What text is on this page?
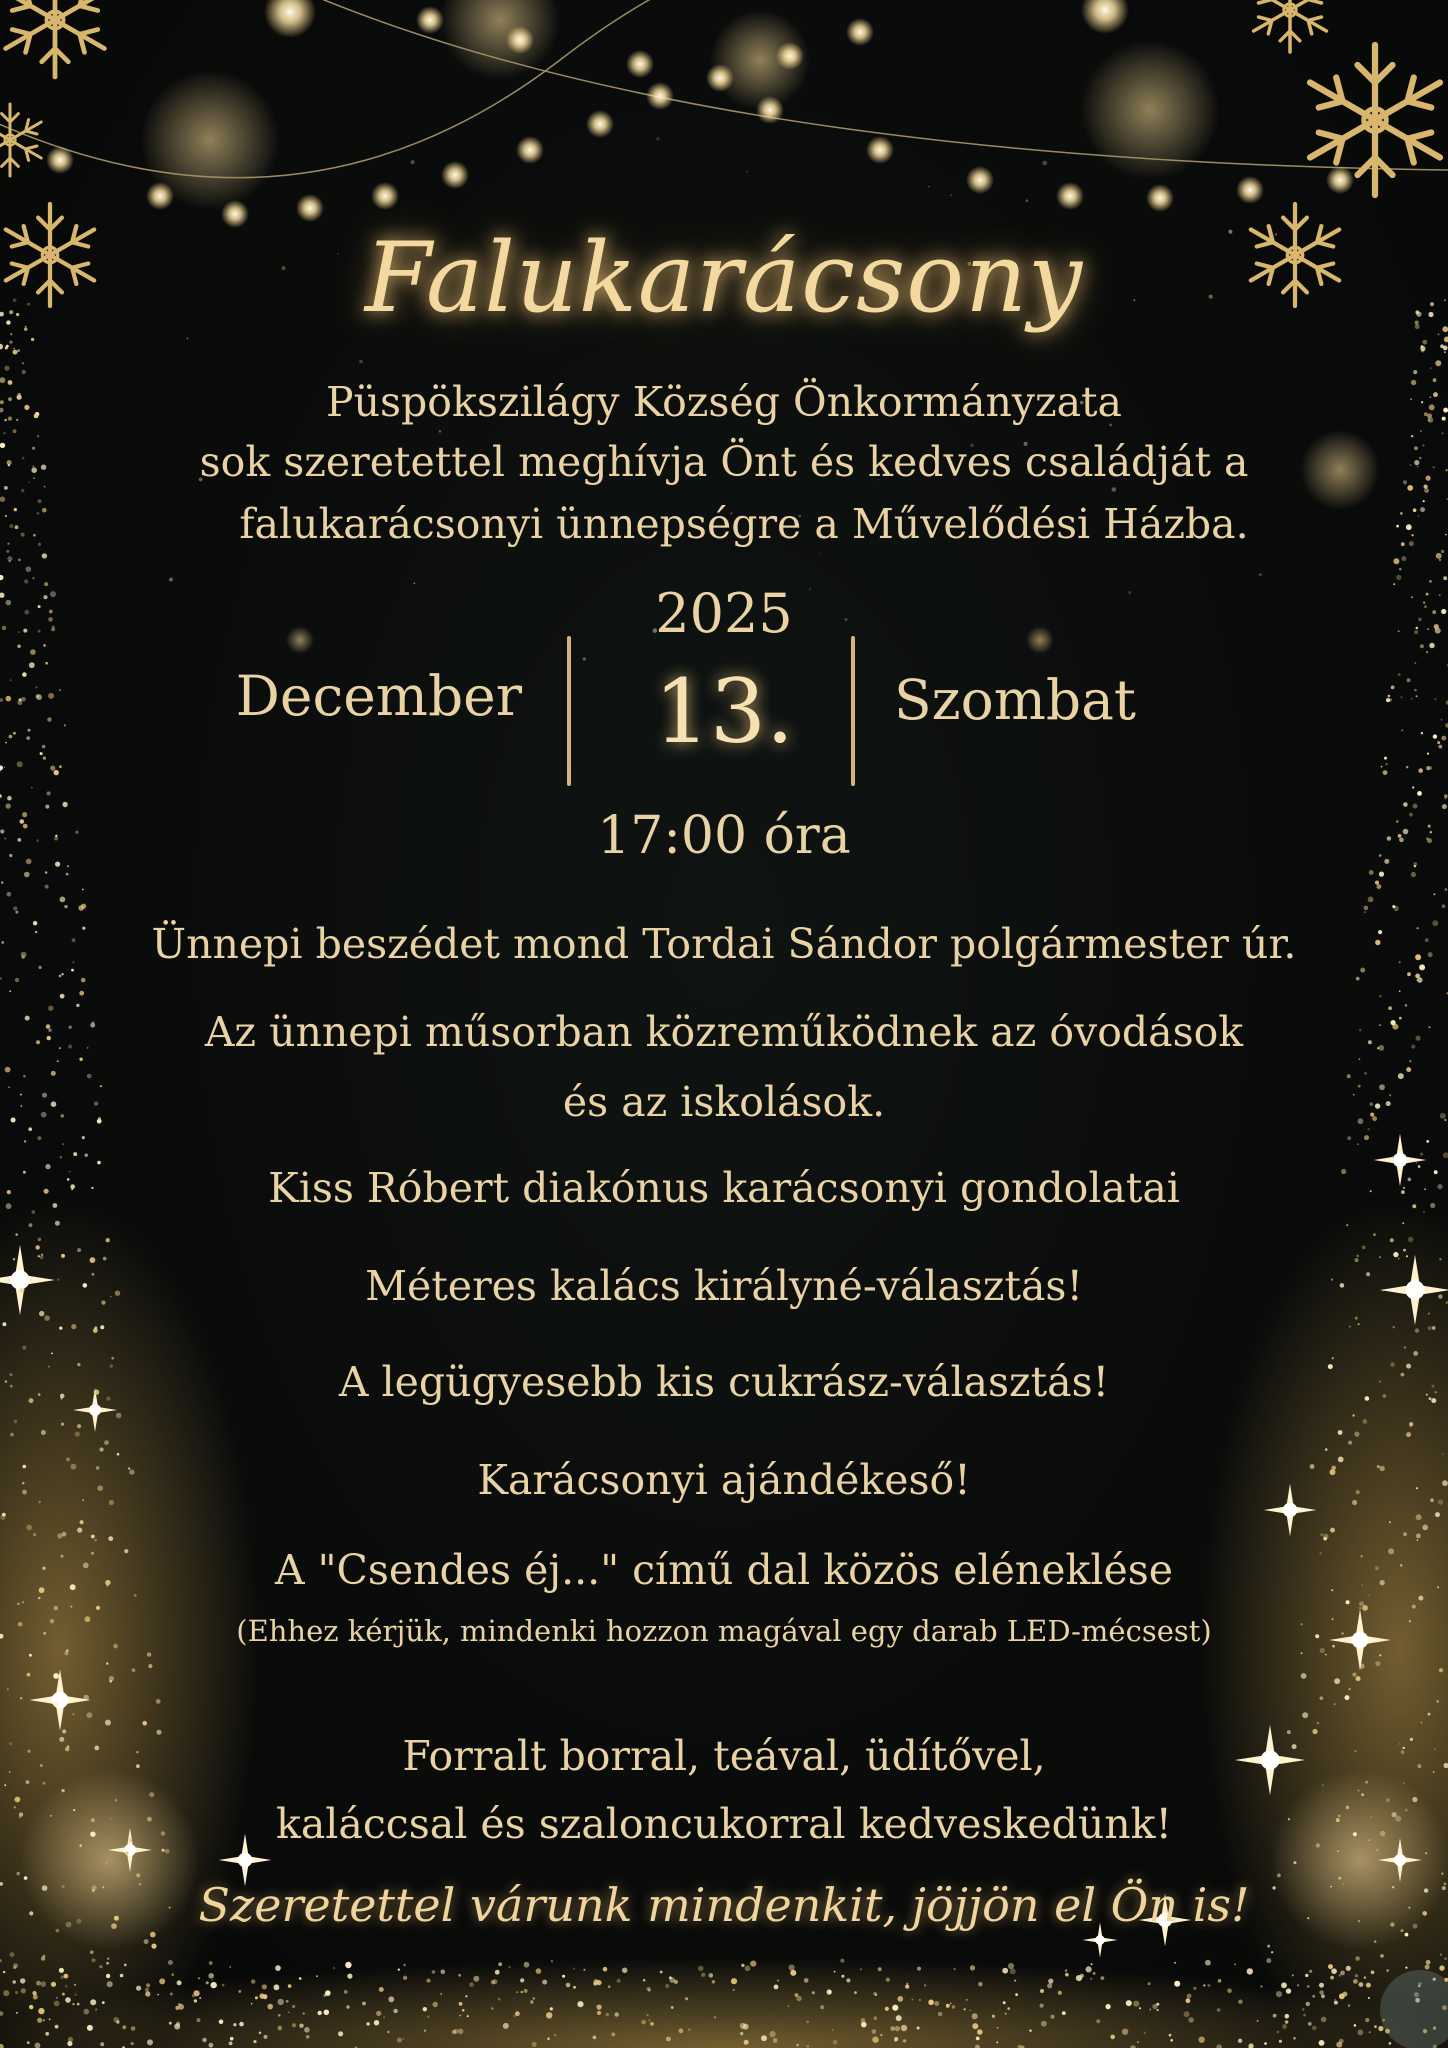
Falukarácsony
Püspökszilágy Község Önkormányzata
sok szeretettel meghívja Önt és kedves családját a
falukarácsonyi ünnepségre a Művelődési Házba.
2025
December	13.	Szombat
17:00 óra
Ünnepi beszédet mond Tordai Sándor polgármester úr.
Az ünnepi műsorban közreműködnek az óvodások
és az iskolások.
Kiss Róbert diakónus karácsonyi gondolatai
Méteres kalács királyné-választás!
A legügyesebb kis cukrász-választás!
Karácsonyi ajándékeső!
A "Csendes éj..." című dal közös eléneklése
(Ehhez kérjük, mindenki hozzon magával egy darab LED-mécsest)
Forralt borral, teával, üdítővel,
kaláccsal és szaloncukorral kedveskedünk!
Szeretettel várunk mindenkit, jöjjön el Ön is!
